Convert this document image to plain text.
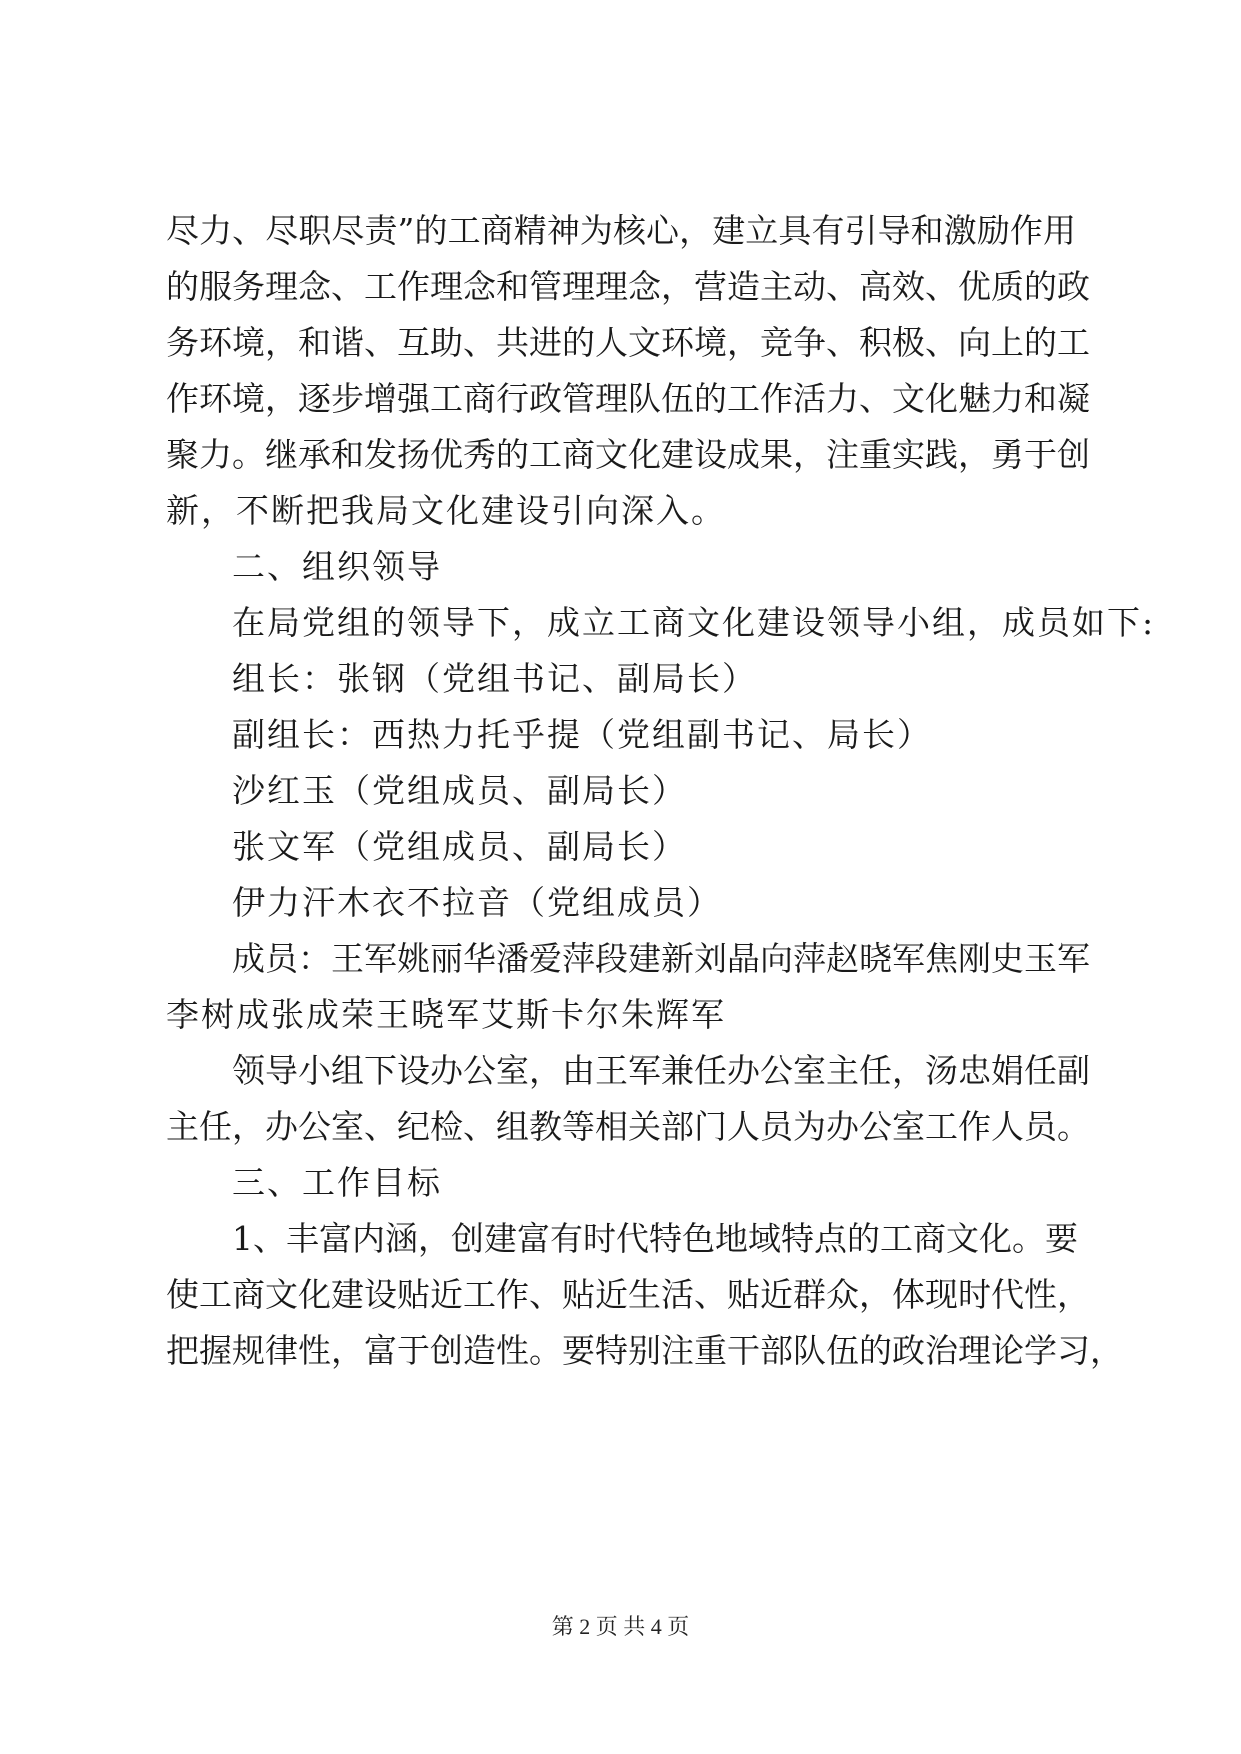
尽力、尽职尽责”的工商精神为核心，建立具有引导和激励作用
的服务理念、工作理念和管理理念，营造主动、高效、优质的政
务环境，和谐、互助、共进的人文环境，竞争、积极、向上的工
作环境，逐步增强工商行政管理队伍的工作活力、文化魅力和凝
聚力。继承和发扬优秀的工商文化建设成果，注重实践，勇于创
新，不断把我局文化建设引向深入。
二、组织领导
在局党组的领导下，成立工商文化建设领导小组，成员如下:
组长：张钢（党组书记、副局长）
副组长：西热力托乎提（党组副书记、局长）
沙红玉（党组成员、副局长）
张文军（党组成员、副局长）
伊力汗木衣不拉音（党组成员）
成员：王军姚丽华潘爱萍段建新刘晶向萍赵晓军焦刚史玉军
李树成张成荣王晓军艾斯卡尔朱辉军
领导小组下设办公室，由王军兼任办公室主任，汤忠娟任副
主任，办公室、纪检、组教等相关部门人员为办公室工作人员。
三、工作目标
1、丰富内涵，创建富有时代特色地域特点的工商文化。要
使工商文化建设贴近工作、贴近生活、贴近群众，体现时代性，
把握规律性，富于创造性。要特别注重干部队伍的政治理论学习，
第 2 页 共 4 页
